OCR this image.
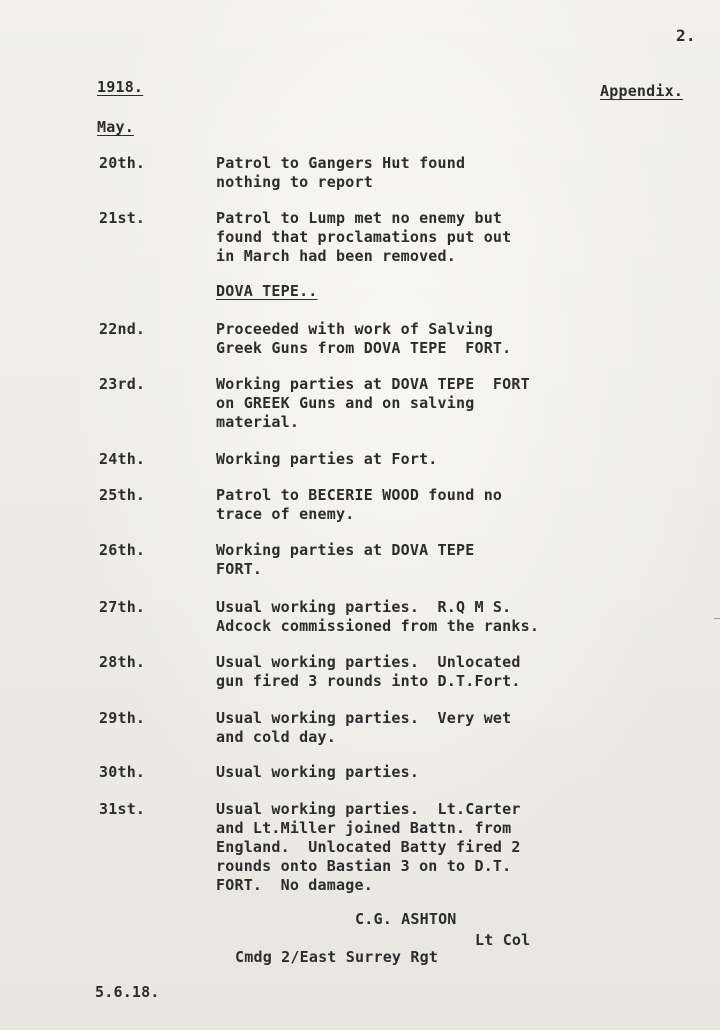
2.

1918.	Appendix.

May.

20th.	Patrol to Gangers Hut found
nothing to report

21st.	Patrol to Lump met no enemy but
found that proclamations put out
in March had been removed.

DOVA TEPE..

22nd.	Proceeded with work of Salving
Greek Guns from DOVA TEPE  FORT.

23rd.	Working parties at DOVA TEPE  FORT
on GREEK Guns and on salving
material.

24th.	Working parties at Fort.

25th.	Patrol to BECERIE WOOD found no
trace of enemy.

26th.	Working parties at DOVA TEPE
FORT.

27th.	Usual working parties.  R.Q M S.
Adcock commissioned from the ranks.

28th.	Usual working parties.  Unlocated
gun fired 3 rounds into D.T.Fort.

29th.	Usual working parties.  Very wet
and cold day.

30th.	Usual working parties.

31st.	Usual working parties.  Lt.Carter
and Lt.Miller joined Battn. from
England.  Unlocated Batty fired 2
rounds onto Bastian 3 on to D.T.
FORT.  No damage.

C.G. ASHTON

Lt Col

Cmdg 2/East Surrey Rgt

5.6.18.
